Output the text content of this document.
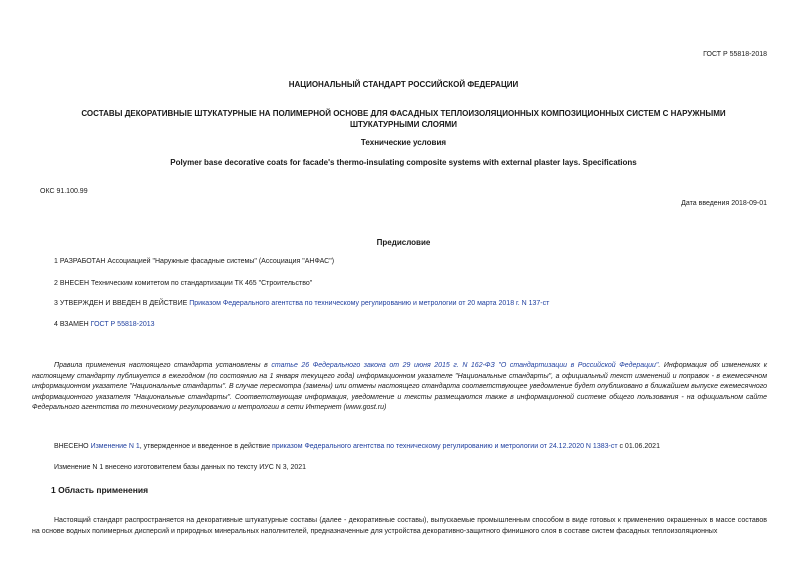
ГОСТ Р 55818-2018
НАЦИОНАЛЬНЫЙ СТАНДАРТ РОССИЙСКОЙ ФЕДЕРАЦИИ
СОСТАВЫ ДЕКОРАТИВНЫЕ ШТУКАТУРНЫЕ НА ПОЛИМЕРНОЙ ОСНОВЕ ДЛЯ ФАСАДНЫХ ТЕПЛОИЗОЛЯЦИОННЫХ КОМПОЗИЦИОННЫХ СИСТЕМ С НАРУЖНЫМИ
ШТУКАТУРНЫМИ СЛОЯМИ
Технические условия
Polymer base decorative coats for facade's thermo-insulating composite systems with external plaster lays. Specifications
ОКС 91.100.99
Дата введения 2018-09-01
Предисловие
1 РАЗРАБОТАН Ассоциацией "Наружные фасадные системы" (Ассоциация "АНФАС")
2 ВНЕСЕН Техническим комитетом по стандартизации ТК 465 "Строительство"
3 УТВЕРЖДЕН И ВВЕДЕН В ДЕЙСТВИЕ Приказом Федерального агентства по техническому регулированию и метрологии от 20 марта 2018 г. N 137-ст
4 ВЗАМЕН ГОСТ Р 55818-2013
Правила применения настоящего стандарта установлены в статье 26 Федерального закона от 29 июня 2015 г. N 162-ФЗ "О стандартизации в Российской Федерации". Информация об изменениях к настоящему стандарту публикуется в ежегодном (по состоянию на 1 января текущего года) информационном указателе "Национальные стандарты", а официальный текст изменений и поправок - в ежемесячном информационном указателе "Национальные стандарты". В случае пересмотра (замены) или отмены настоящего стандарта соответствующее уведомление будет опубликовано в ближайшем выпуске ежемесячного информационного указателя "Национальные стандарты". Соответствующая информация, уведомление и тексты размещаются также в информационной системе общего пользования - на официальном сайте Федерального агентства по техническому регулированию и метрологии в сети Интернет (www.gost.ru)
ВНЕСЕНО Изменение N 1, утвержденное и введенное в действие приказом Федерального агентства по техническому регулированию и метрологии от 24.12.2020 N 1383-ст с 01.06.2021
Изменение N 1 внесено изготовителем базы данных по тексту ИУС N 3, 2021
1 Область применения
Настоящий стандарт распространяется на декоративные штукатурные составы (далее - декоративные составы), выпускаемые промышленным способом в виде готовых к применению окрашенных в массе составов на основе водных полимерных дисперсий и природных минеральных наполнителей, предназначенные для устройства декоративно-защитного финишного слоя в составе систем фасадных теплоизоляционных
